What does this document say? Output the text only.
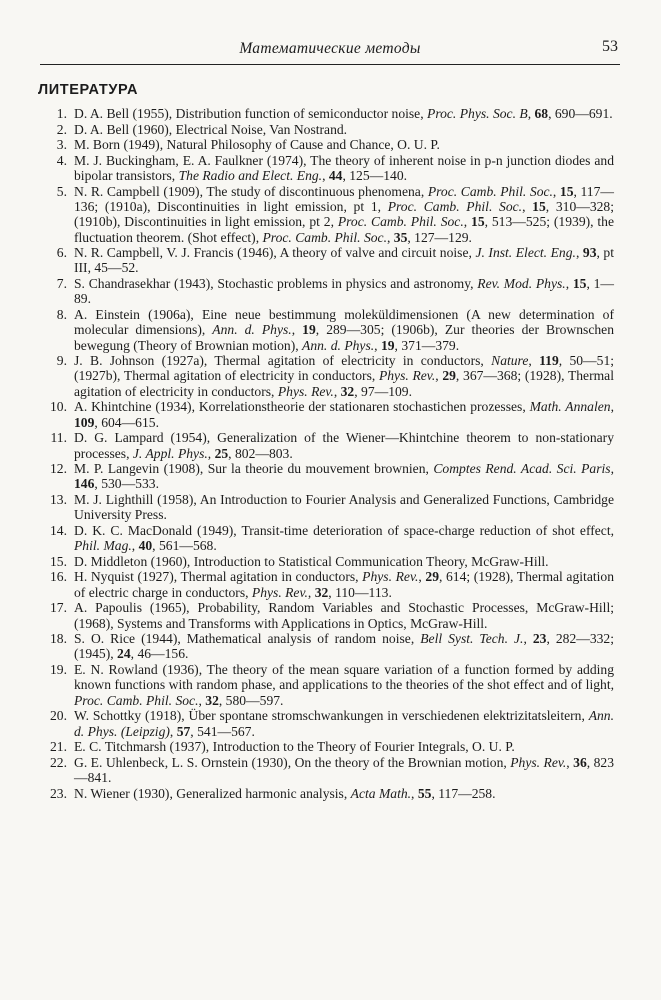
Математические методы	53
ЛИТЕРАТУРА
1. D. A. Bell (1955), Distribution function of semiconductor noise, Proc. Phys. Soc. B, 68, 690—691.
2. D. A. Bell (1960), Electrical Noise, Van Nostrand.
3. M. Born (1949), Natural Philosophy of Cause and Chance, O. U. P.
4. M. J. Buckingham, E. A. Faulkner (1974), The theory of inherent noise in p-n junction diodes and bipolar transistors, The Radio and Elect. Eng., 44, 125—140.
5. N. R. Campbell (1909), The study of discontinuous phenomena, Proc. Camb. Phil. Soc., 15, 117—136; (1910a), Discontinuities in light emission, pt 1, Proc. Camb. Phil. Soc., 15, 310—328; (1910b), Discontinuities in light emission, pt 2, Proc. Camb. Phil. Soc., 15, 513—525; (1939), the fluctuation theorem. (Shot effect), Proc. Camb. Phil. Soc., 35, 127—129.
6. N. R. Campbell, V. J. Francis (1946), A theory of valve and circuit noise, J. Inst. Elect. Eng., 93, pt III, 45—52.
7. S. Chandrasekhar (1943), Stochastic problems in physics and astronomy, Rev. Mod. Phys., 15, 1—89.
8. A. Einstein (1906a), Eine neue bestimmung moleküldimensionen (A new determination of molecular dimensions), Ann. d. Phys., 19, 289—305; (1906b), Zur theories der Brownschen bewegung (Theory of Brownian motion), Ann. d. Phys., 19, 371—379.
9. J. B. Johnson (1927a), Thermal agitation of electricity in conductors, Nature, 119, 50—51; (1927b), Thermal agitation of electricity in conductors, Phys. Rev., 29, 367—368; (1928), Thermal agitation of electricity in conductors, Phys. Rev., 32, 97—109.
10. A. Khintchine (1934), Korrelationstheorie der stationaren stochastichen prozesses, Math. Annalen, 109, 604—615.
11. D. G. Lampard (1954), Generalization of the Wiener—Khintchine theorem to non-stationary processes, J. Appl. Phys., 25, 802—803.
12. M. P. Langevin (1908), Sur la theorie du mouvement brownien, Comptes Rend. Acad. Sci. Paris, 146, 530—533.
13. M. J. Lighthill (1958), An Introduction to Fourier Analysis and Generalized Functions, Cambridge University Press.
14. D. K. C. MacDonald (1949), Transit-time deterioration of space-charge reduction of shot effect, Phil. Mag., 40, 561—568.
15. D. Middleton (1960), Introduction to Statistical Communication Theory, McGraw-Hill.
16. H. Nyquist (1927), Thermal agitation in conductors, Phys. Rev., 29, 614; (1928), Thermal agitation of electric charge in conductors, Phys. Rev., 32, 110—113.
17. A. Papoulis (1965), Probability, Random Variables and Stochastic Processes, McGraw-Hill; (1968), Systems and Transforms with Applications in Optics, McGraw-Hill.
18. S. O. Rice (1944), Mathematical analysis of random noise, Bell Syst. Tech. J., 23, 282—332; (1945), 24, 46—156.
19. E. N. Rowland (1936), The theory of the mean square variation of a function formed by adding known functions with random phase, and applications to the theories of the shot effect and of light, Proc. Camb. Phil. Soc., 32, 580—597.
20. W. Schottky (1918), Über spontane stromschwankungen in verschiedenen elektrizitatsleitern, Ann. d. Phys. (Leipzig), 57, 541—567.
21. E. C. Titchmarsh (1937), Introduction to the Theory of Fourier Integrals, O. U. P.
22. G. E. Uhlenbeck, L. S. Ornstein (1930), On the theory of the Brownian motion, Phys. Rev., 36, 823—841.
23. N. Wiener (1930), Generalized harmonic analysis, Acta Math., 55, 117—258.
